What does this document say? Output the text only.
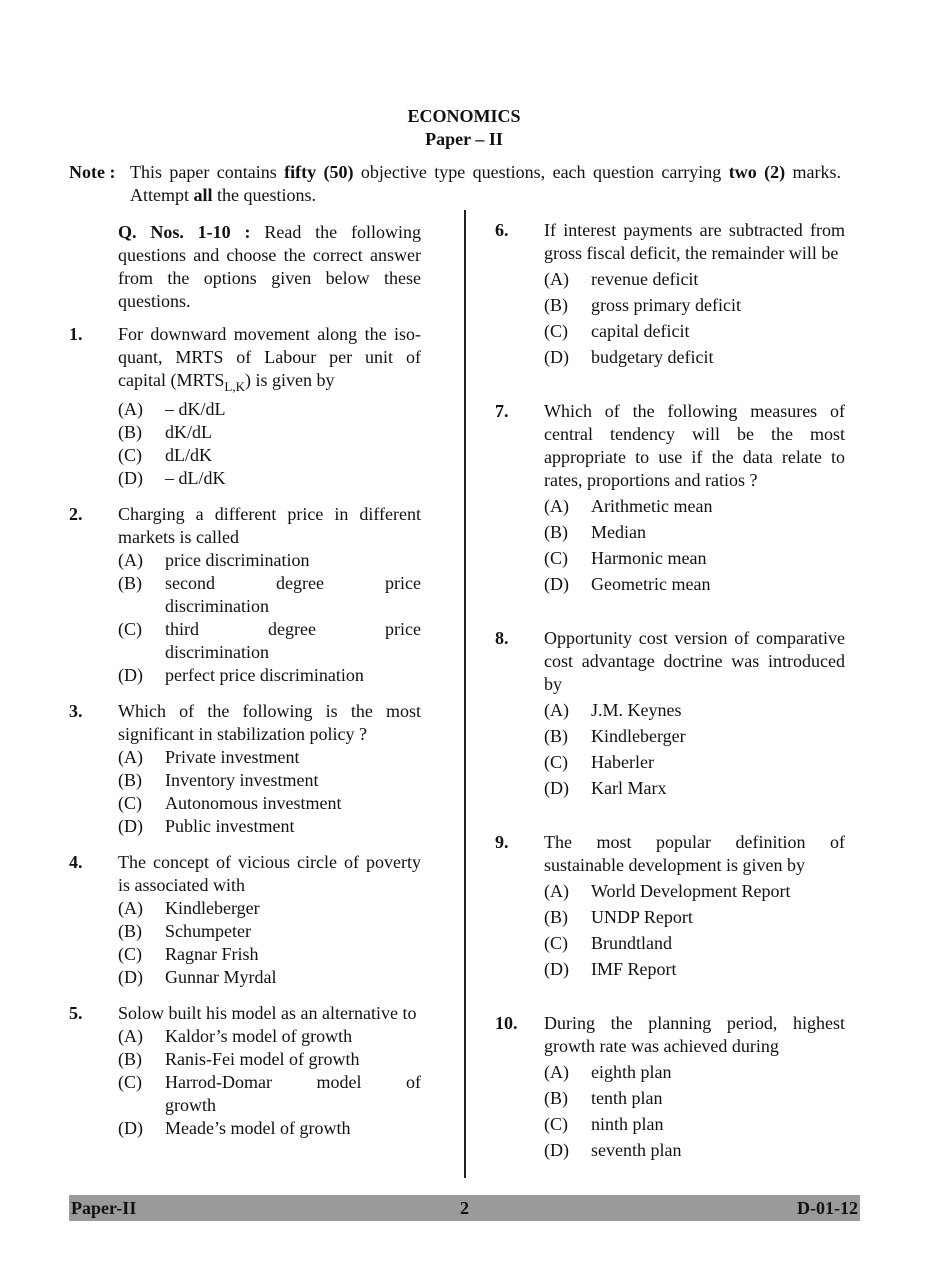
ECONOMICS
Paper – II
Note : This paper contains fifty (50) objective type questions, each question carrying two (2) marks. Attempt all the questions.
Q. Nos. 1-10 : Read the following questions and choose the correct answer from the options given below these questions.
1. For downward movement along the iso-quant, MRTS of Labour per unit of capital $(MRTS_{L,K})$ is given by
(A) – dK/dL
(B) dK/dL
(C) dL/dK
(D) – dL/dK
2. Charging a different price in different markets is called
(A) price discrimination
(B) second degree price
discrimination
(C) third degree price
discrimination
(D) perfect price discrimination
3. Which of the following is the most significant in stabilization policy ?
(A) Private investment
(B) Inventory investment
(C) Autonomous investment
(D) Public investment
4. The concept of vicious circle of poverty is associated with
(A) Kindleberger
(B) Schumpeter
(C) Ragnar Frish
(D) Gunnar Myrdal
5. Solow built his model as an alternative to
(A) Kaldor’s model of growth
(B) Ranis-Fei model of growth
(C) Harrod-Domar model of
growth
(D) Meade’s model of growth
6. If interest payments are subtracted from gross fiscal deficit, the remainder will be
(A) revenue deficit
(B) gross primary deficit
(C) capital deficit
(D) budgetary deficit
7. Which of the following measures of central tendency will be the most appropriate to use if the data relate to rates, proportions and ratios ?
(A) Arithmetic mean
(B) Median
(C) Harmonic mean
(D) Geometric mean
8. Opportunity cost version of comparative cost advantage doctrine was introduced by
(A) J.M. Keynes
(B) Kindleberger
(C) Haberler
(D) Karl Marx
9. The most popular definition of sustainable development is given by
(A) World Development Report
(B) UNDP Report
(C) Brundtland
(D) IMF Report
10. During the planning period, highest growth rate was achieved during
(A) eighth plan
(B) tenth plan
(C) ninth plan
(D) seventh plan
Paper-II	2	D-01-12
